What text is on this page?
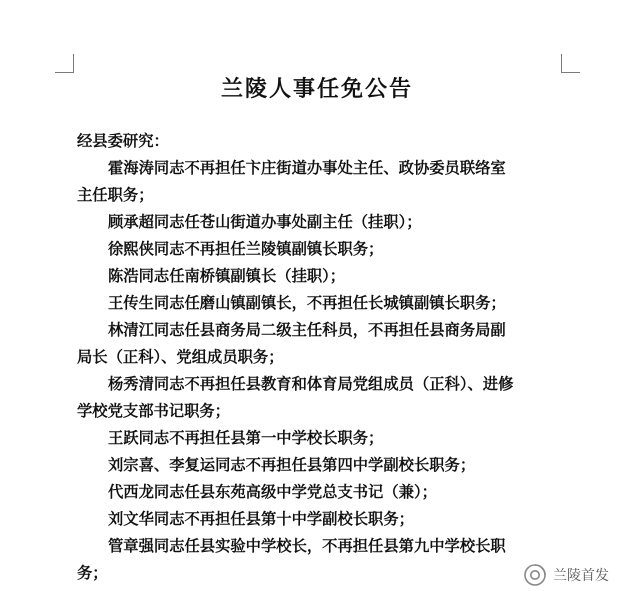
兰陵人事任免公告
经县委研究：
霍海涛同志不再担任卞庄街道办事处主任、政协委员联络室
主任职务；
顾承超同志任苍山街道办事处副主任（挂职）；
徐熙侠同志不再担任兰陵镇副镇长职务；
陈浩同志任南桥镇副镇长（挂职）；
王传生同志任磨山镇副镇长，不再担任长城镇副镇长职务；
林清江同志任县商务局二级主任科员，不再担任县商务局副
局长（正科）、党组成员职务；
杨秀清同志不再担任县教育和体育局党组成员（正科）、进修
学校党支部书记职务；
王跃同志不再担任县第一中学校长职务；
刘宗喜、李复运同志不再担任县第四中学副校长职务；
代西龙同志任县东苑高级中学党总支书记（兼）；
刘文华同志不再担任县第十中学副校长职务；
管章强同志任县实验中学校长，不再担任县第九中学校长职
务；	兰陵首发
